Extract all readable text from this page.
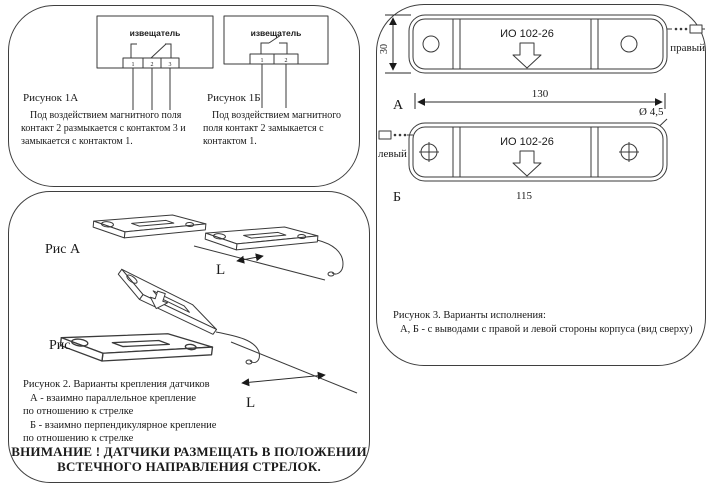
извещатель
1	2	3
извещатель
1	2
Рисунок 1А	Рисунок 1Б
Под воздействием магнитного поля контакт 2 размыкается с контактом 3 и замыкается с контактом 1.
Под воздействием магнитного поля контакт 2 замыкается с контактом 1.
L
L
Рис А
Рис
Рисунок 2. Варианты крепления датчиков
А - взаимно параллельное крепление
по отношению к стрелке
Б - взаимно перпендикулярное крепление
по отношению к стрелке
ВНИМАНИЕ ! ДАТЧИКИ РАЗМЕЩАТЬ В ПОЛОЖЕНИИ
ВСТЕЧНОГО НАПРАВЛЕНИЯ СТРЕЛОК.
ИО 102-26
правый
30
А
130
Ø 4,5
ИО 102-26
левый
Б	115
Рисунок 3. Варианты исполнения:
А, Б - с выводами с правой и левой стороны корпуса (вид сверху)
